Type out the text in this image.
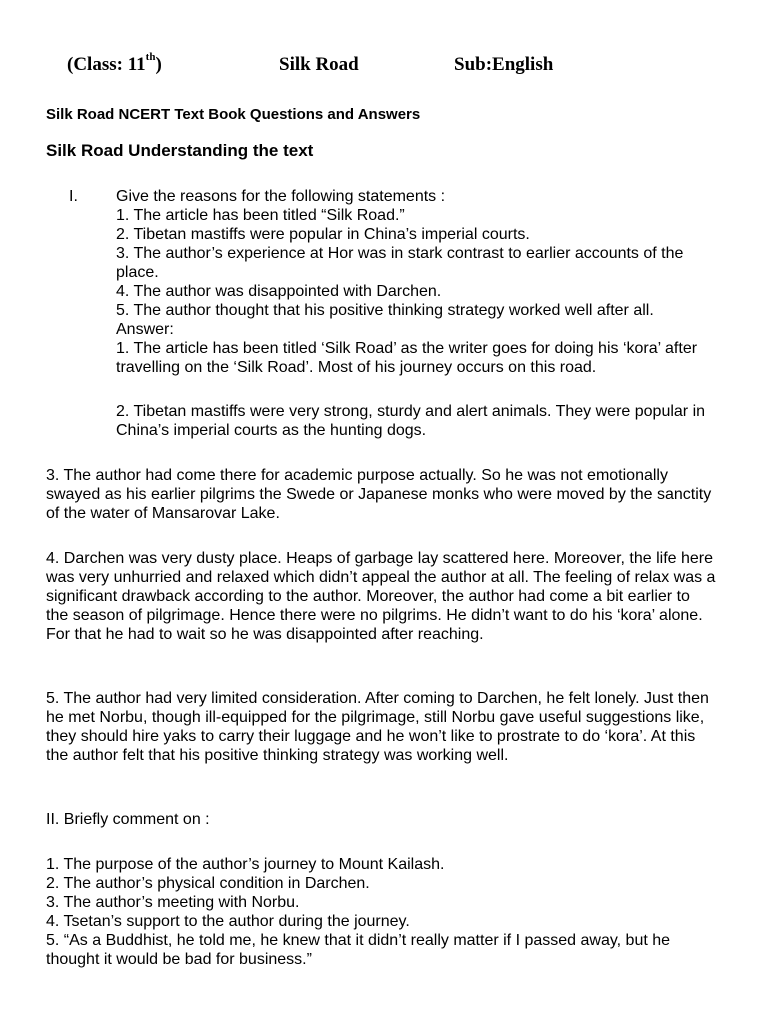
(Class: 11th)	Silk Road	Sub:English
Silk Road NCERT Text Book Questions and Answers
Silk Road Understanding the text
I. Give the reasons for the following statements :
1. The article has been titled “Silk Road.”
2. Tibetan mastiffs were popular in China’s imperial courts.
3. The author’s experience at Hor was in stark contrast to earlier accounts of the place.
4. The author was disappointed with Darchen.
5. The author thought that his positive thinking strategy worked well after all.
Answer:
1. The article has been titled ‘Silk Road’ as the writer goes for doing his ‘kora’ after travelling on the ‘Silk Road’. Most of his journey occurs on this road.
2. Tibetan mastiffs were very strong, sturdy and alert animals. They were popular in China’s imperial courts as the hunting dogs.
3. The author had come there for academic purpose actually. So he was not emotionally swayed as his earlier pilgrims the Swede or Japanese monks who were moved by the sanctity of the water of Mansarovar Lake.
4. Darchen was very dusty place. Heaps of garbage lay scattered here. Moreover, the life here was very unhurried and relaxed which didn’t appeal the author at all. The feeling of relax was a significant drawback according to the author. Moreover, the author had come a bit earlier to the season of pilgrimage. Hence there were no pilgrims. He didn’t want to do his ‘kora’ alone. For that he had to wait so he was disappointed after reaching.
5. The author had very limited consideration. After coming to Darchen, he felt lonely. Just then he met Norbu, though ill-equipped for the pilgrimage, still Norbu gave useful suggestions like, they should hire yaks to carry their luggage and he won’t like to prostrate to do ‘kora’. At this the author felt that his positive thinking strategy was working well.
II. Briefly comment on :
1. The purpose of the author’s journey to Mount Kailash.
2. The author’s physical condition in Darchen.
3. The author’s meeting with Norbu.
4. Tsetan’s support to the author during the journey.
5. “As a Buddhist, he told me, he knew that it didn’t really matter if I passed away, but he thought it would be bad for business.”
